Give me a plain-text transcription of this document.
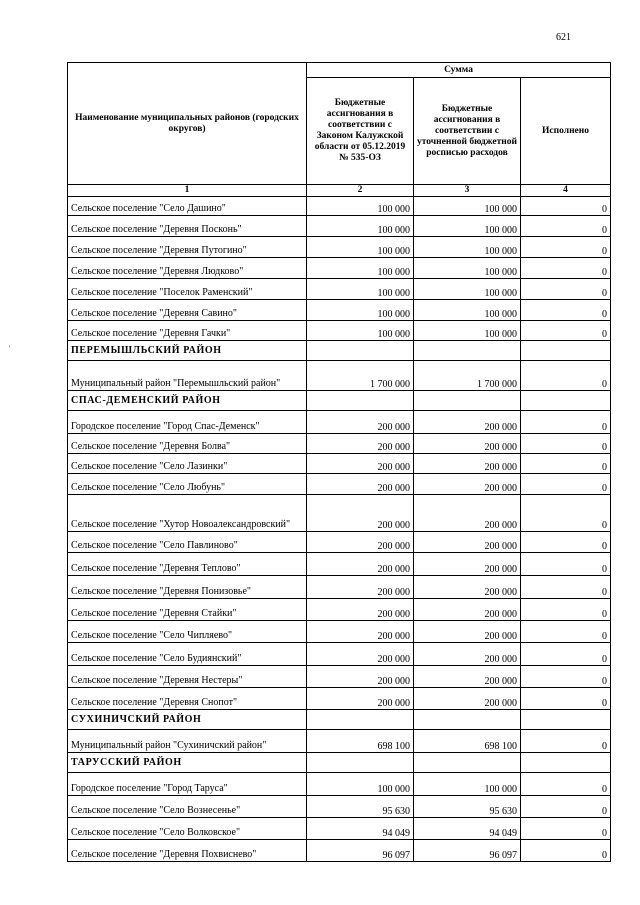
621
'
Наименование муниципальных районов (городских округов)	Сумма		
	Бюджетные ассигнования в соответствии с Законом Калужской области от 05.12.2019 № 535-ОЗ	Бюджетные ассигнования в соответствии с уточненной бюджетной росписью расходов	Исполнено
1	2	3	4
Сельское поселение "Село Дашино"	100 000	100 000	0
Сельское поселение "Деревня Посконь"	100 000	100 000	0
Сельское поселение "Деревня Путогино"	100 000	100 000	0
Сельское поселение "Деревня Людково"	100 000	100 000	0
Сельское поселение "Поселок Раменский"	100 000	100 000	0
Сельское поселение "Деревня Савино"	100 000	100 000	0
Сельское поселение "Деревня Гачки"	100 000	100 000	0
ПЕРЕМЫШЛЬСКИЙ РАЙОН			
Муниципальный район "Перемышльский район"	1 700 000	1 700 000	0
СПАС-ДЕМЕНСКИЙ РАЙОН			
Городское поселение "Город Спас-Деменск"	200 000	200 000	0
Сельское поселение "Деревня Болва"	200 000	200 000	0
Сельское поселение "Село Лазинки"	200 000	200 000	0
Сельское поселение "Село Любунь"	200 000	200 000	0
Сельское поселение "Хутор Новоалександровский"	200 000	200 000	0
Сельское поселение "Село Павлиново"	200 000	200 000	0
Сельское поселение "Деревня Теплово"	200 000	200 000	0
Сельское поселение "Деревня Понизовье"	200 000	200 000	0
Сельское поселение "Деревня Стайки"	200 000	200 000	0
Сельское поселение "Село Чипляево"	200 000	200 000	0
Сельское поселение "Село Будиянский"	200 000	200 000	0
Сельское поселение "Деревня Нестеры"	200 000	200 000	0
Сельское поселение "Деревня Снопот"	200 000	200 000	0
СУХИНИЧСКИЙ РАЙОН			
Муниципальный район "Сухиничский район"	698 100	698 100	0
ТАРУССКИЙ РАЙОН			
Городское поселение "Город Таруса"	100 000	100 000	0
Сельское поселение "Село Вознесенье"	95 630	95 630	0
Сельское поселение "Село Волковское"	94 049	94 049	0
Сельское поселение "Деревня Похвиснево"	96 097	96 097	0
